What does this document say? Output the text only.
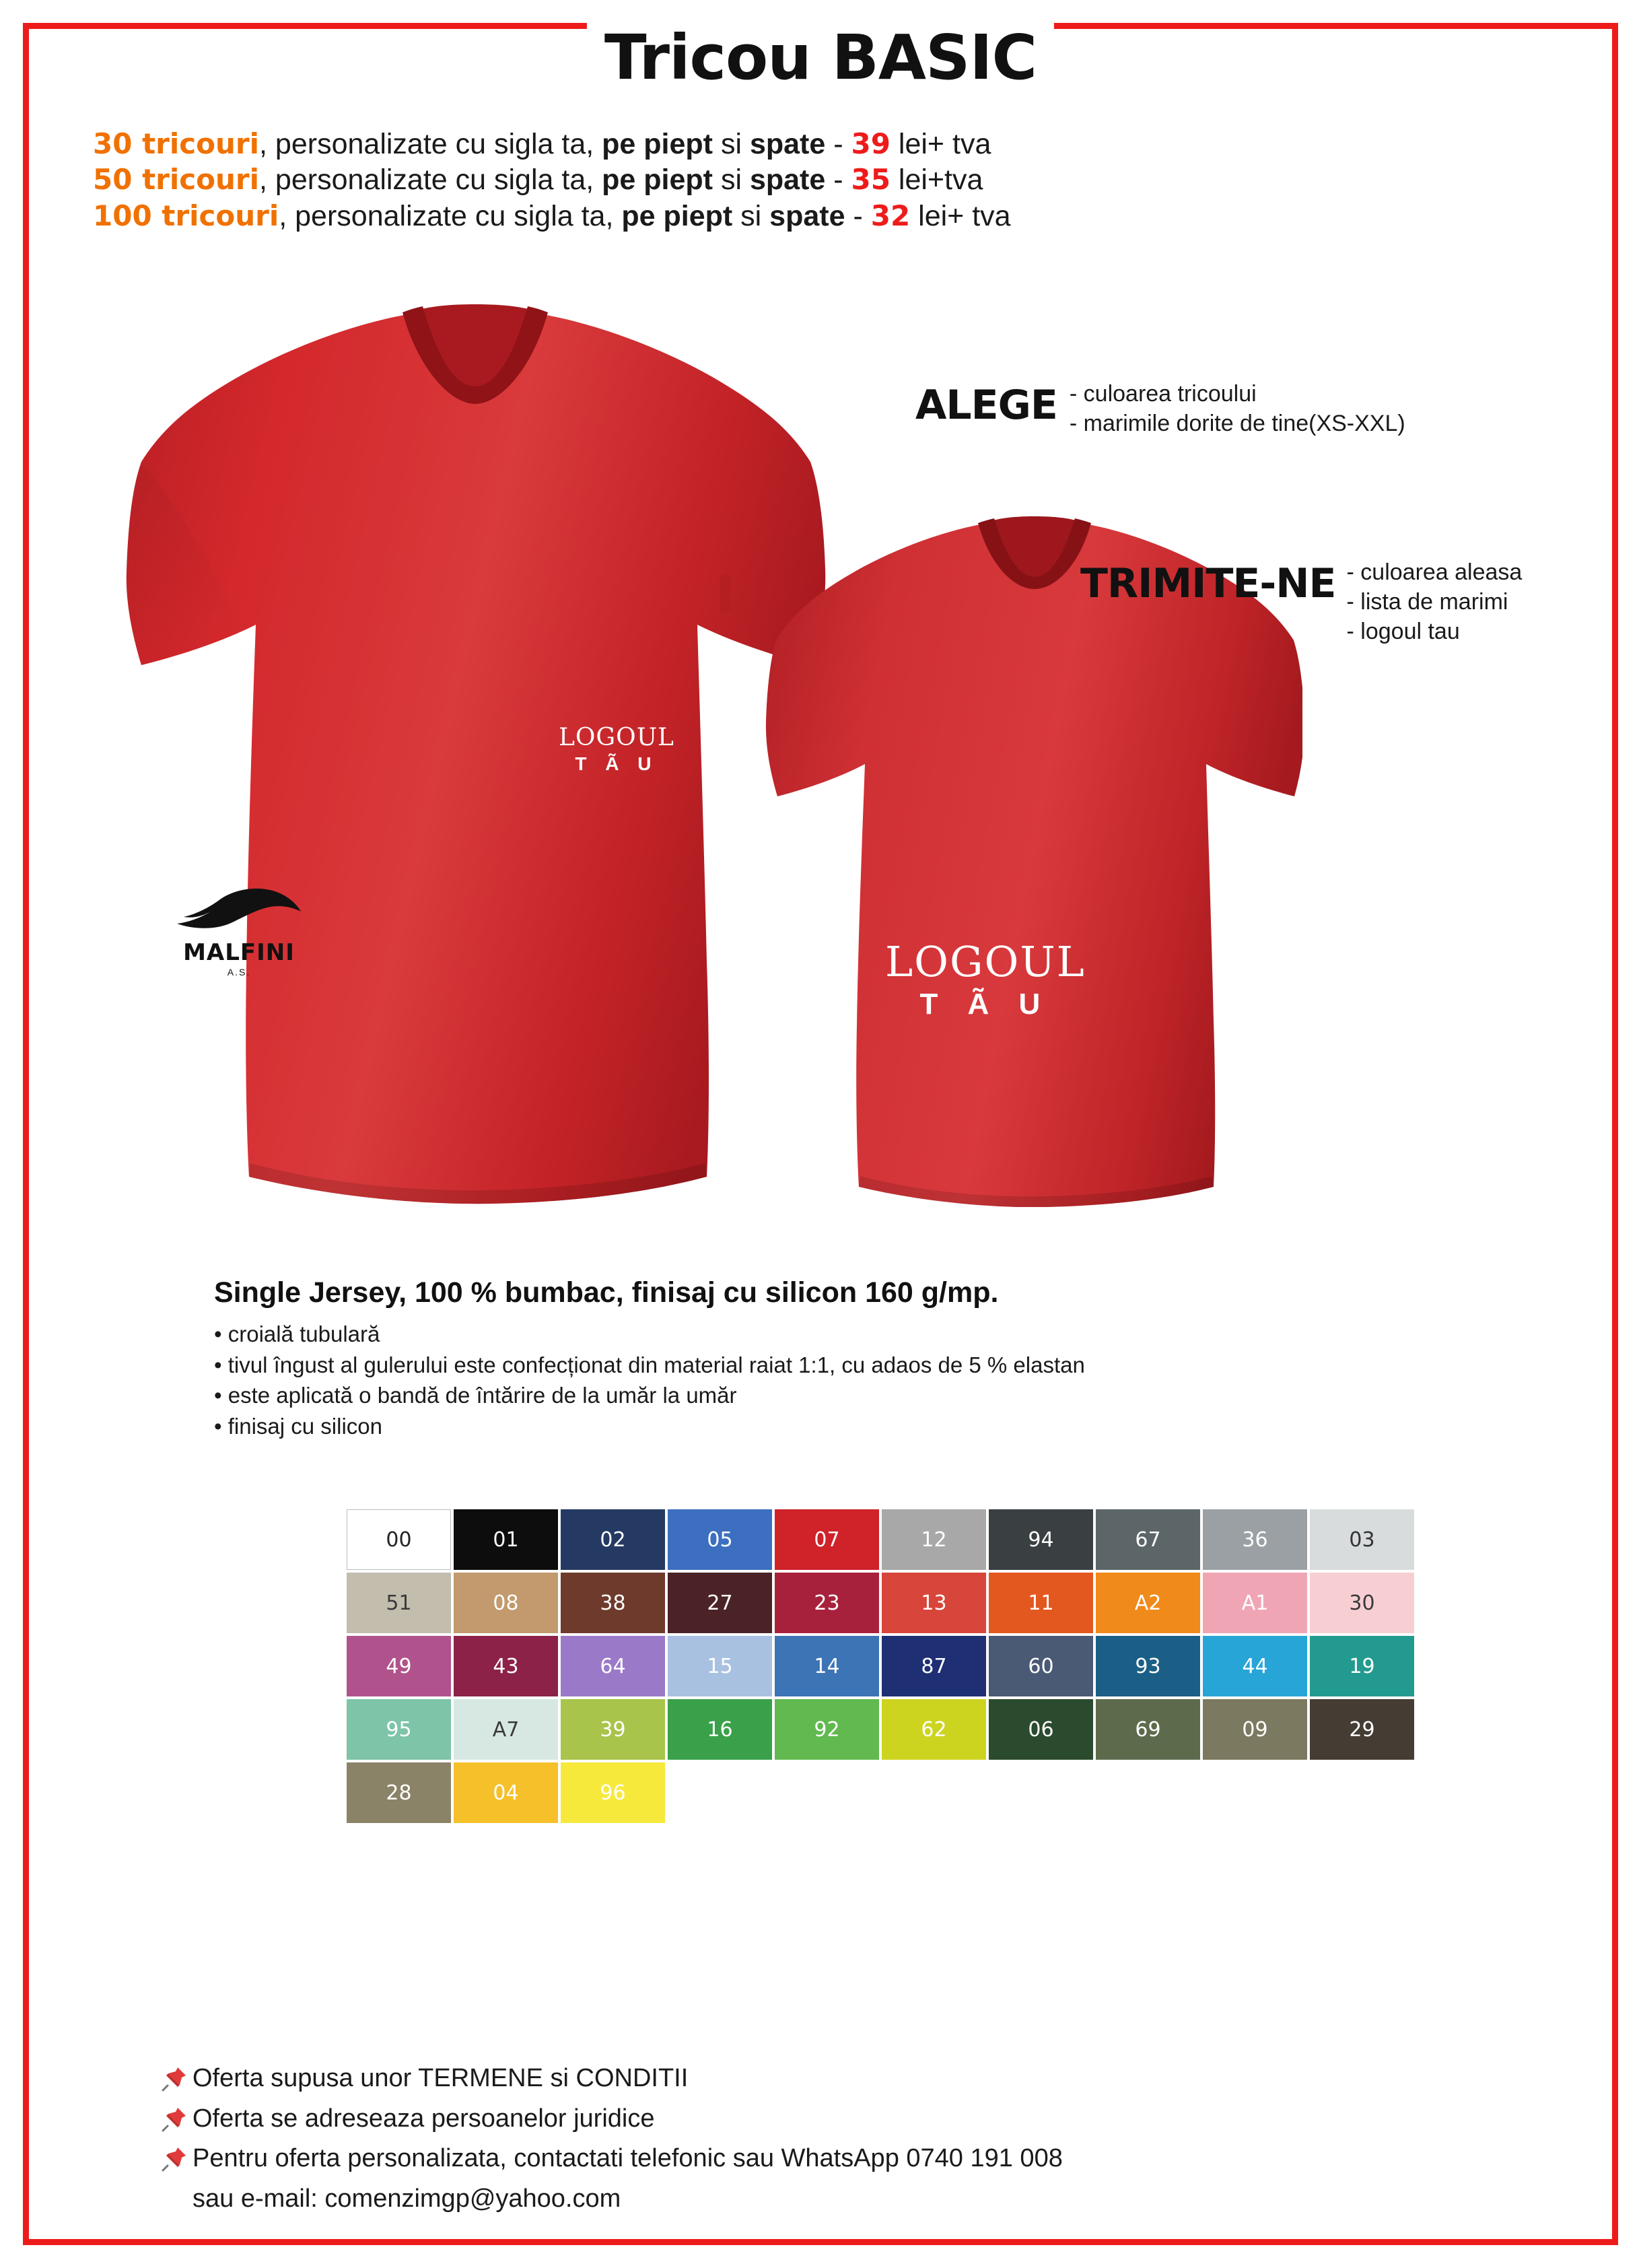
Tricou BASIC
30 tricouri, personalizate cu sigla ta, pe piept si spate - 39 lei+ tva
50 tricouri, personalizate cu sigla ta, pe piept si spate - 35 lei+tva
100 tricouri, personalizate cu sigla ta, pe piept si spate - 32 lei+ tva
LOGOUL
T Ã U
LOGOUL
T Ã U
MALFINI
A.S.
ALEGE - culoarea tricoului
- marimile dorite de tine(XS-XXL)
TRIMITE-NE - culoarea aleasa
- lista de marimi
- logoul tau
Single Jersey, 100 % bumbac, finisaj cu silicon 160 g/mp.
• croială tubulară
• tivul îngust al gulerului este confecționat din material raiat 1:1, cu adaos de 5 % elastan
• este aplicată o bandă de întărire de la umăr la umăr
• finisaj cu silicon
00	01	02	05	07	12	94	67	36	03
51	08	38	27	23	13	11	A2	A1	30
49	43	64	15	14	87	60	93	44	19
95	A7	39	16	92	62	06	69	09	29
28	04	96
Oferta supusa unor TERMENE si CONDITII
Oferta se adreseaza persoanelor juridice
Pentru oferta personalizata, contactati telefonic sau WhatsApp 0740 191 008
sau e-mail: comenzimgp@yahoo.com
